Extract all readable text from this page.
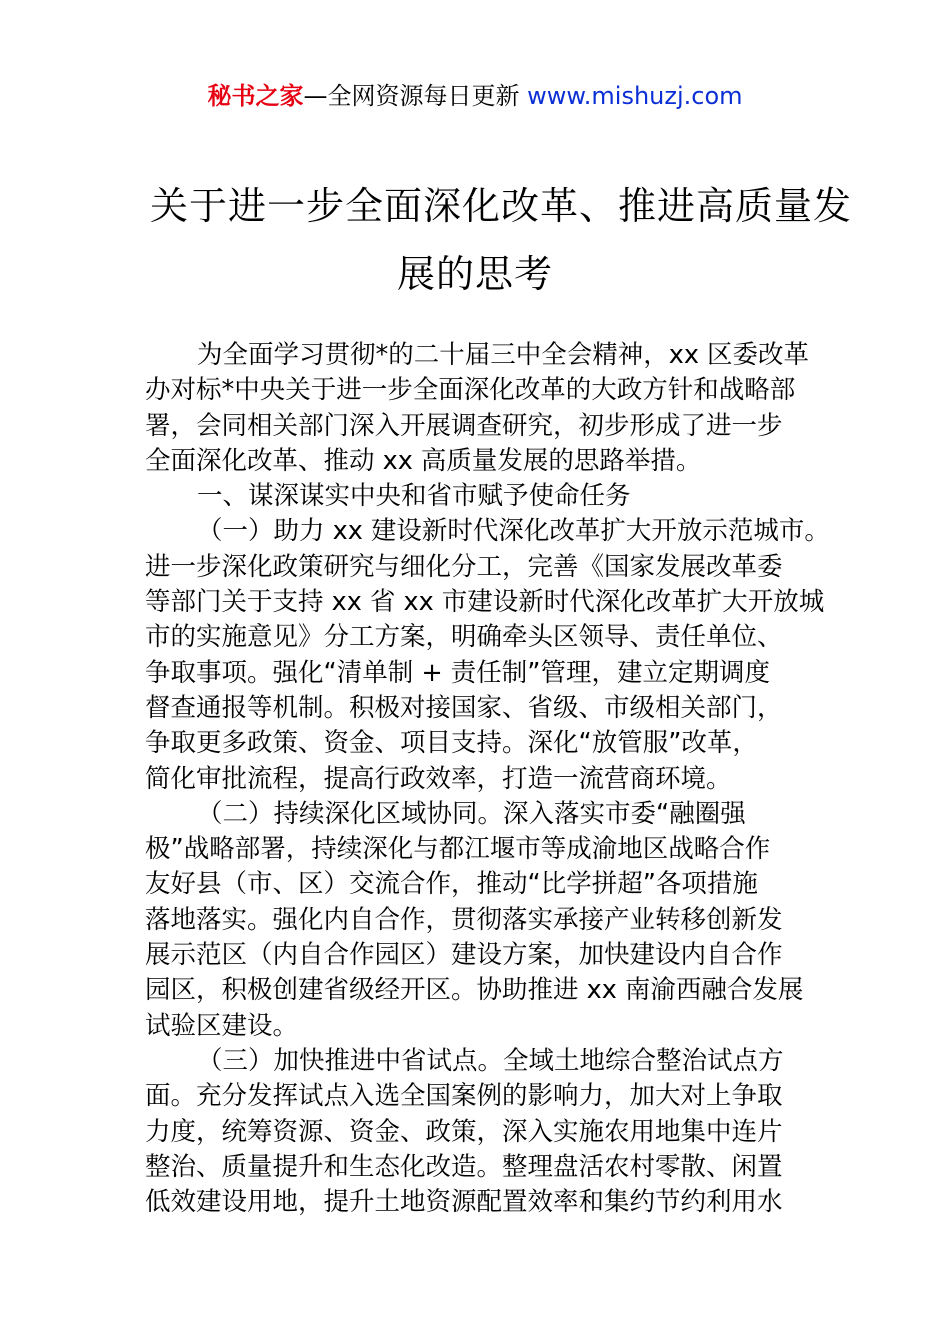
秘书之家—全网资源每日更新 www.mishuzj.com
关于进一步全面深化改革、推进高质量发
展的思考
为全面学习贯彻*的二十届三中全会精神，xx 区委改革
办对标*中央关于进一步全面深化改革的大政方针和战略部
署，会同相关部门深入开展调查研究，初步形成了进一步
全面深化改革、推动 xx 高质量发展的思路举措。
一、谋深谋实中央和省市赋予使命任务
（一）助力 xx 建设新时代深化改革扩大开放示范城市。
进一步深化政策研究与细化分工，完善《国家发展改革委
等部门关于支持 xx 省 xx 市建设新时代深化改革扩大开放城
市的实施意见》分工方案，明确牵头区领导、责任单位、
争取事项。强化“清单制 + 责任制”管理，建立定期调度
督查通报等机制。积极对接国家、省级、市级相关部门，
争取更多政策、资金、项目支持。深化“放管服”改革，
简化审批流程，提高行政效率，打造一流营商环境。
（二）持续深化区域协同。深入落实市委“融圈强
极”战略部署，持续深化与都江堰市等成渝地区战略合作
友好县（市、区）交流合作，推动“比学拼超”各项措施
落地落实。强化内自合作，贯彻落实承接产业转移创新发
展示范区（内自合作园区）建设方案，加快建设内自合作
园区，积极创建省级经开区。协助推进 xx 南渝西融合发展
试验区建设。
（三）加快推进中省试点。全域土地综合整治试点方
面。充分发挥试点入选全国案例的影响力，加大对上争取
力度，统筹资源、资金、政策，深入实施农用地集中连片
整治、质量提升和生态化改造。整理盘活农村零散、闲置
低效建设用地，提升土地资源配置效率和集约节约利用水
